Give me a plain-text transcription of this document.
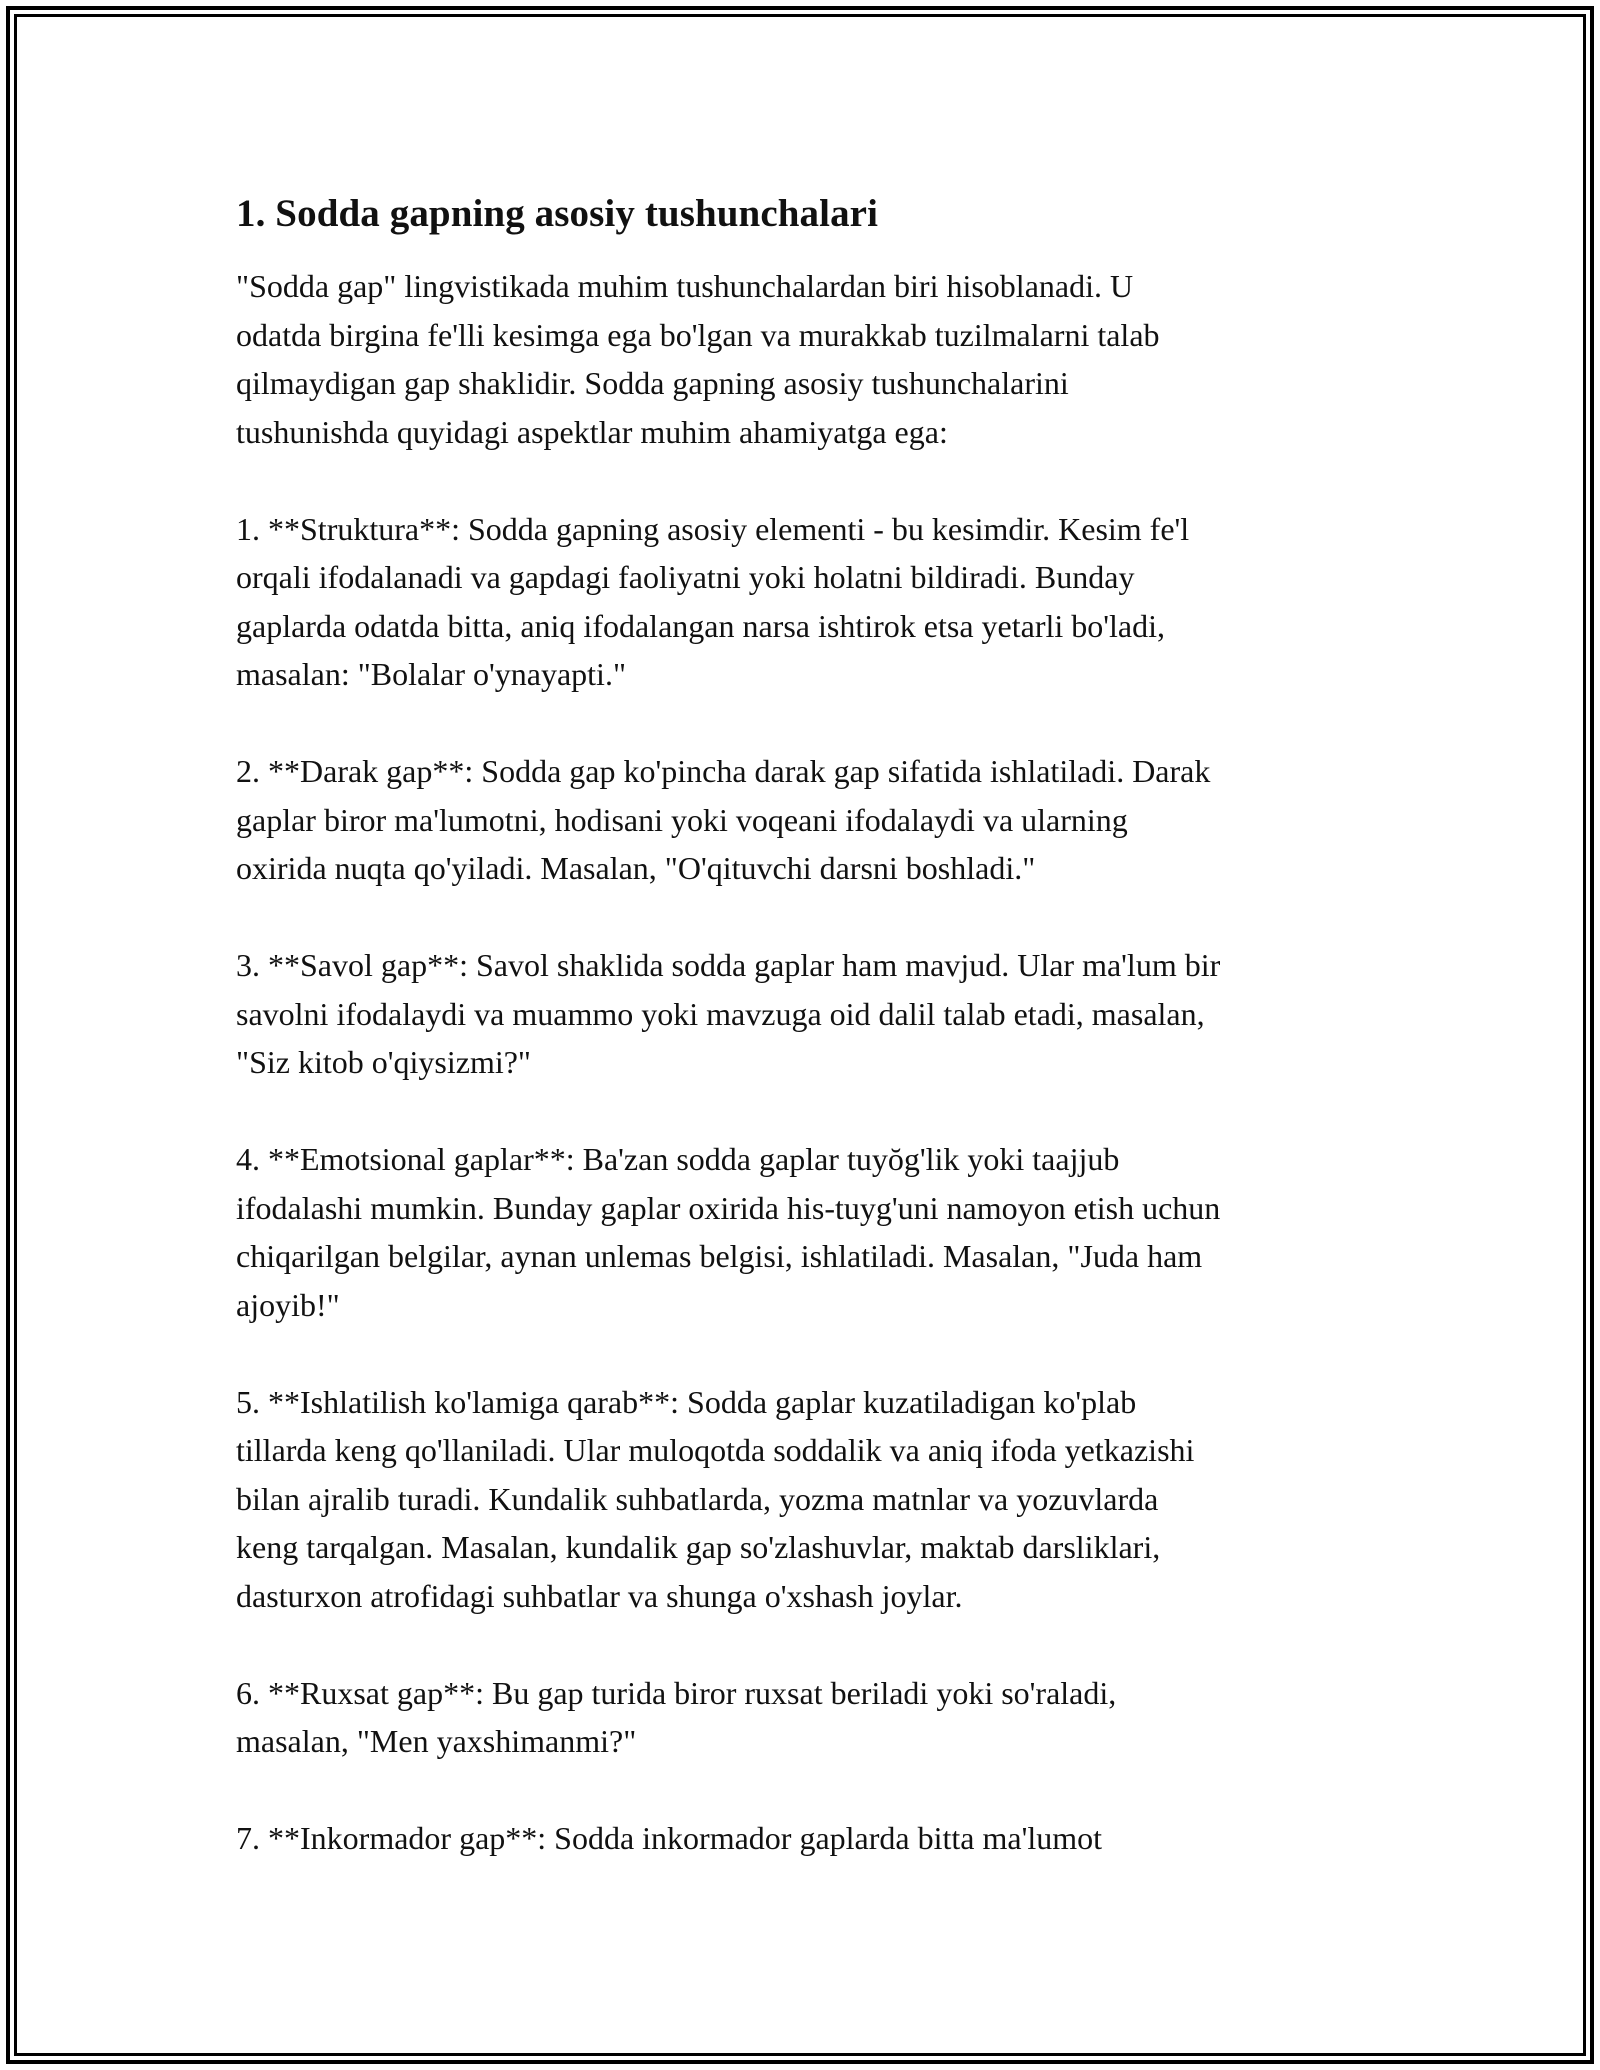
1. Sodda gapning asosiy tushunchalari
"Sodda gap" lingvistikada muhim tushunchalardan biri hisoblanadi. U
odatda birgina fe'lli kesimga ega bo'lgan va murakkab tuzilmalarni talab
qilmaydigan gap shaklidir. Sodda gapning asosiy tushunchalarini
tushunishda quyidagi aspektlar muhim ahamiyatga ega:
1. **Struktura**: Sodda gapning asosiy elementi - bu kesimdir. Kesim fe'l
orqali ifodalanadi va gapdagi faoliyatni yoki holatni bildiradi. Bunday
gaplarda odatda bitta, aniq ifodalangan narsa ishtirok etsa yetarli bo'ladi,
masalan: "Bolalar o'ynayapti."
2. **Darak gap**: Sodda gap ko'pincha darak gap sifatida ishlatiladi. Darak
gaplar biror ma'lumotni, hodisani yoki voqeani ifodalaydi va ularning
oxirida nuqta qo'yiladi. Masalan, "O'qituvchi darsni boshladi."
3. **Savol gap**: Savol shaklida sodda gaplar ham mavjud. Ular ma'lum bir
savolni ifodalaydi va muammo yoki mavzuga oid dalil talab etadi, masalan,
"Siz kitob o'qiysizmi?"
4. **Emotsional gaplar**: Ba'zan sodda gaplar tuyŏg'lik yoki taajjub
ifodalashi mumkin. Bunday gaplar oxirida his-tuyg'uni namoyon etish uchun
chiqarilgan belgilar, aynan unlemas belgisi, ishlatiladi. Masalan, "Juda ham
ajoyib!"
5. **Ishlatilish ko'lamiga qarab**: Sodda gaplar kuzatiladigan ko'plab
tillarda keng qo'llaniladi. Ular muloqotda soddalik va aniq ifoda yetkazishi
bilan ajralib turadi. Kundalik suhbatlarda, yozma matnlar va yozuvlarda
keng tarqalgan. Masalan, kundalik gap so'zlashuvlar, maktab darsliklari,
dasturxon atrofidagi suhbatlar va shunga o'xshash joylar.
6. **Ruxsat gap**: Bu gap turida biror ruxsat beriladi yoki so'raladi,
masalan, "Men yaxshimanmi?"
7. **Inkormador gap**: Sodda inkormador gaplarda bitta ma'lumot
